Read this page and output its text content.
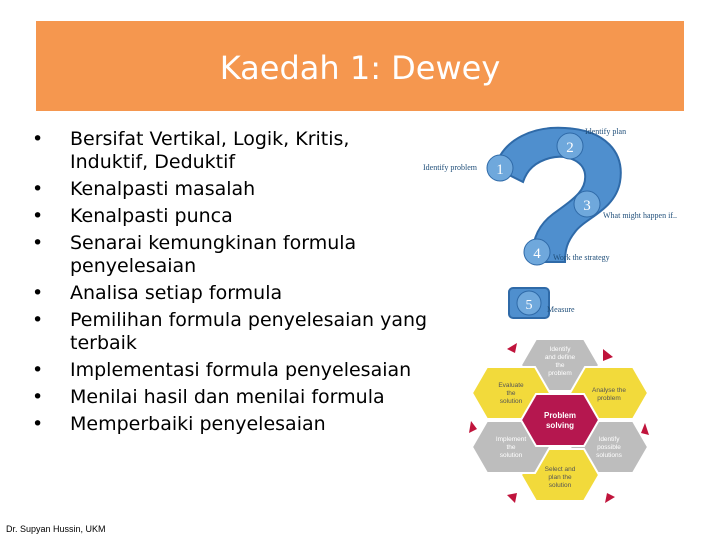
Kaedah 1: Dewey
• Bersifat Vertikal, Logik, Kritis, Induktif, Deduktif
• Kenalpasti masalah
• Kenalpasti punca
• Senarai kemungkinan formula penyelesaian
• Analisa setiap formula
• Pemilihan formula penyelesaian yang terbaik
• Implementasi formula penyelesaian
• Menilai hasil dan menilai formula
• Memperbaiki penyelesaian
1
2
3
4
5
Identify problem
Identify plan
What might happen if..
Work the strategy
Measure
Problem
solving
Identify
and define
the
problem
Analyse the
problem
Identify
possible
solutions
Select and
plan the
solution
Implement
the
solution
Evaluate
the
solution
Dr. Supyan Hussin, UKM
